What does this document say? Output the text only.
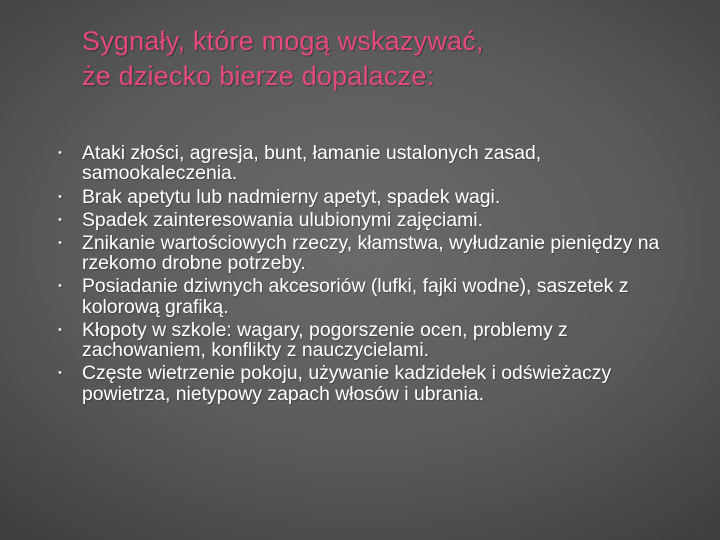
Sygnały, które mogą wskazywać,
że dziecko bierze dopalacze:
• Ataki złości, agresja, bunt, łamanie ustalonych zasad, samookaleczenia.
• Brak apetytu lub nadmierny apetyt, spadek wagi.
• Spadek zainteresowania ulubionymi zajęciami.
• Znikanie wartościowych rzeczy, kłamstwa, wyłudzanie pieniędzy na rzekomo drobne potrzeby.
• Posiadanie dziwnych akcesoriów (lufki, fajki wodne), saszetek z kolorową grafiką.
• Kłopoty w szkole: wagary, pogorszenie ocen, problemy z zachowaniem, konflikty z nauczycielami.
• Częste wietrzenie pokoju, używanie kadzidełek i odświeżaczy powietrza, nietypowy zapach włosów i ubrania.
